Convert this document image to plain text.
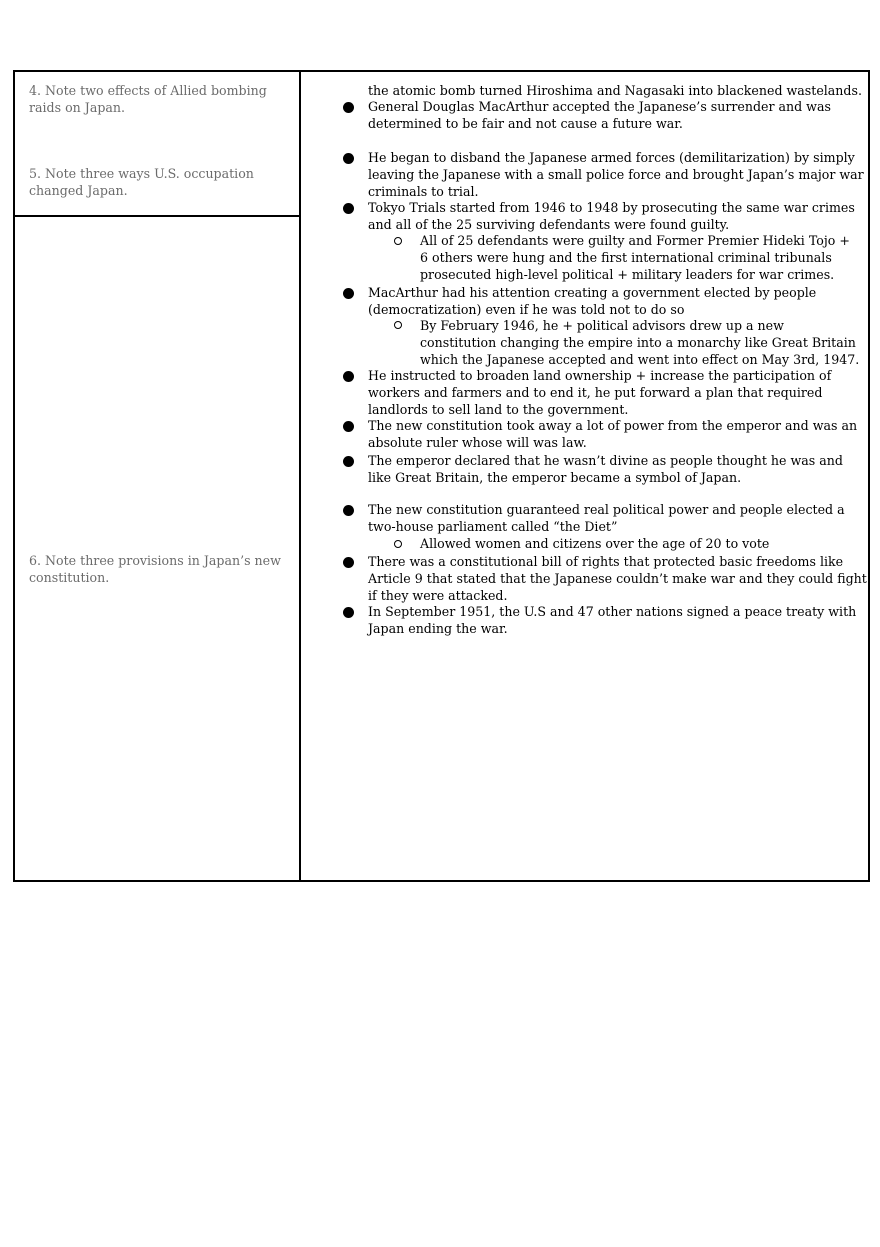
4. Note two effects of Allied bombing raids on Japan.
5. Note three ways U.S. occupation changed Japan.
6. Note three provisions in Japan’s new constitution.
the atomic bomb turned Hiroshima and Nagasaki into blackened wastelands.
General Douglas MacArthur accepted the Japanese’s surrender and was determined to be fair and not cause a future war.
He began to disband the Japanese armed forces (demilitarization) by simply leaving the Japanese with a small police force and brought Japan’s major war criminals to trial.
Tokyo Trials started from 1946 to 1948 by prosecuting the same war crimes and all of the 25 surviving defendants were found guilty.
All of 25 defendants were guilty and Former Premier Hideki Tojo + 6 others were hung and the first international criminal tribunals prosecuted high-level political + military leaders for war crimes.
MacArthur had his attention creating a government elected by people (democratization) even if he was told not to do so
By February 1946, he + political advisors drew up a new constitution changing the empire into a monarchy like Great Britain which the Japanese accepted and went into effect on May 3rd, 1947.
He instructed to broaden land ownership + increase the participation of workers and farmers and to end it, he put forward a plan that required landlords to sell land to the government.
The new constitution took away a lot of power from the emperor and was an absolute ruler whose will was law.
The emperor declared that he wasn’t divine as people thought he was and like Great Britain, the emperor became a symbol of Japan.
The new constitution guaranteed real political power and people elected a two-house parliament called “the Diet”
Allowed women and citizens over the age of 20 to vote
There was a constitutional bill of rights that protected basic freedoms like Article 9 that stated that the Japanese couldn’t make war and they could fight if they were attacked.
In September 1951, the U.S and 47 other nations signed a peace treaty with Japan ending the war.
